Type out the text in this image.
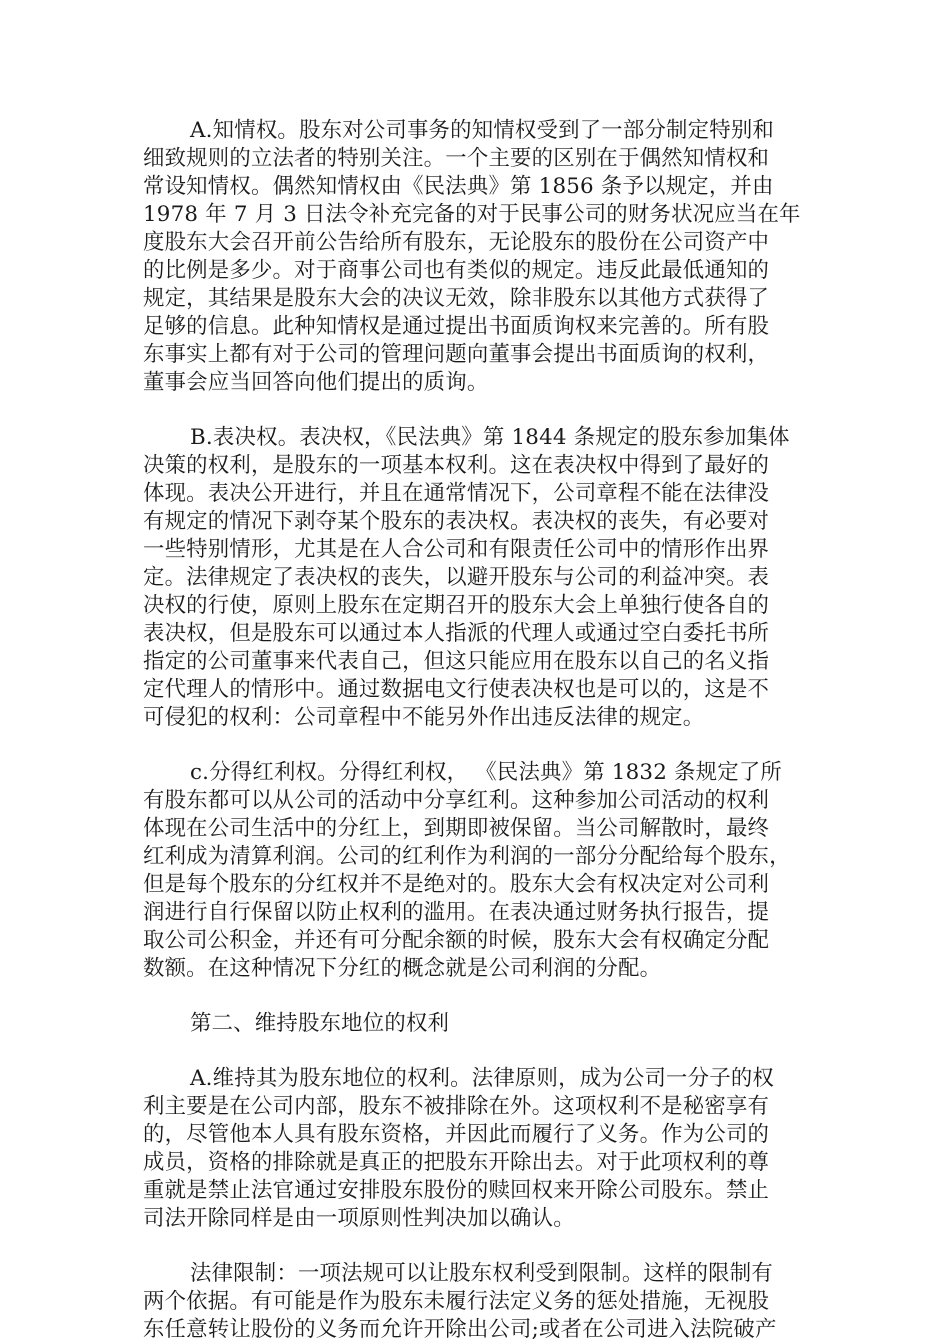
A.知情权。股东对公司事务的知情权受到了一部分制定特别和
细致规则的立法者的特别关注。一个主要的区别在于偶然知情权和
常设知情权。偶然知情权由《民法典》第 1856 条予以规定，并由
1978 年 7 月 3 日法令补充完备的对于民事公司的财务状况应当在年
度股东大会召开前公告给所有股东，无论股东的股份在公司资产中
的比例是多少。对于商事公司也有类似的规定。违反此最低通知的
规定，其结果是股东大会的决议无效，除非股东以其他方式获得了
足够的信息。此种知情权是通过提出书面质询权来完善的。所有股
东事实上都有对于公司的管理问题向董事会提出书面质询的权利，
董事会应当回答向他们提出的质询。
B.表决权。表决权，《民法典》第 1844 条规定的股东参加集体
决策的权利，是股东的一项基本权利。这在表决权中得到了最好的
体现。表决公开进行，并且在通常情况下，公司章程不能在法律没
有规定的情况下剥夺某个股东的表决权。表决权的丧失，有必要对
一些特别情形，尤其是在人合公司和有限责任公司中的情形作出界
定。法律规定了表决权的丧失，以避开股东与公司的利益冲突。表
决权的行使，原则上股东在定期召开的股东大会上单独行使各自的
表决权，但是股东可以通过本人指派的代理人或通过空白委托书所
指定的公司董事来代表自己，但这只能应用在股东以自己的名义指
定代理人的情形中。通过数据电文行使表决权也是可以的，这是不
可侵犯的权利：公司章程中不能另外作出违反法律的规定。
c.分得红利权。分得红利权， 《民法典》第 1832 条规定了所
有股东都可以从公司的活动中分享红利。这种参加公司活动的权利
体现在公司生活中的分红上，到期即被保留。当公司解散时，最终
红利成为清算利润。公司的红利作为利润的一部分分配给每个股东，
但是每个股东的分红权并不是绝对的。股东大会有权决定对公司利
润进行自行保留以防止权利的滥用。在表决通过财务执行报告，提
取公司公积金，并还有可分配余额的时候，股东大会有权确定分配
数额。在这种情况下分红的概念就是公司利润的分配。
第二、维持股东地位的权利
A.维持其为股东地位的权利。法律原则，成为公司一分子的权
利主要是在公司内部，股东不被排除在外。这项权利不是秘密享有
的，尽管他本人具有股东资格，并因此而履行了义务。作为公司的
成员，资格的排除就是真正的把股东开除出去。对于此项权利的尊
重就是禁止法官通过安排股东股份的赎回权来开除公司股东。禁止
司法开除同样是由一项原则性判决加以确认。
法律限制：一项法规可以让股东权利受到限制。这样的限制有
两个依据。有可能是作为股东未履行法定义务的惩处措施，无视股
东任意转让股份的义务而允许开除出公司;或者在公司进入法院破产
